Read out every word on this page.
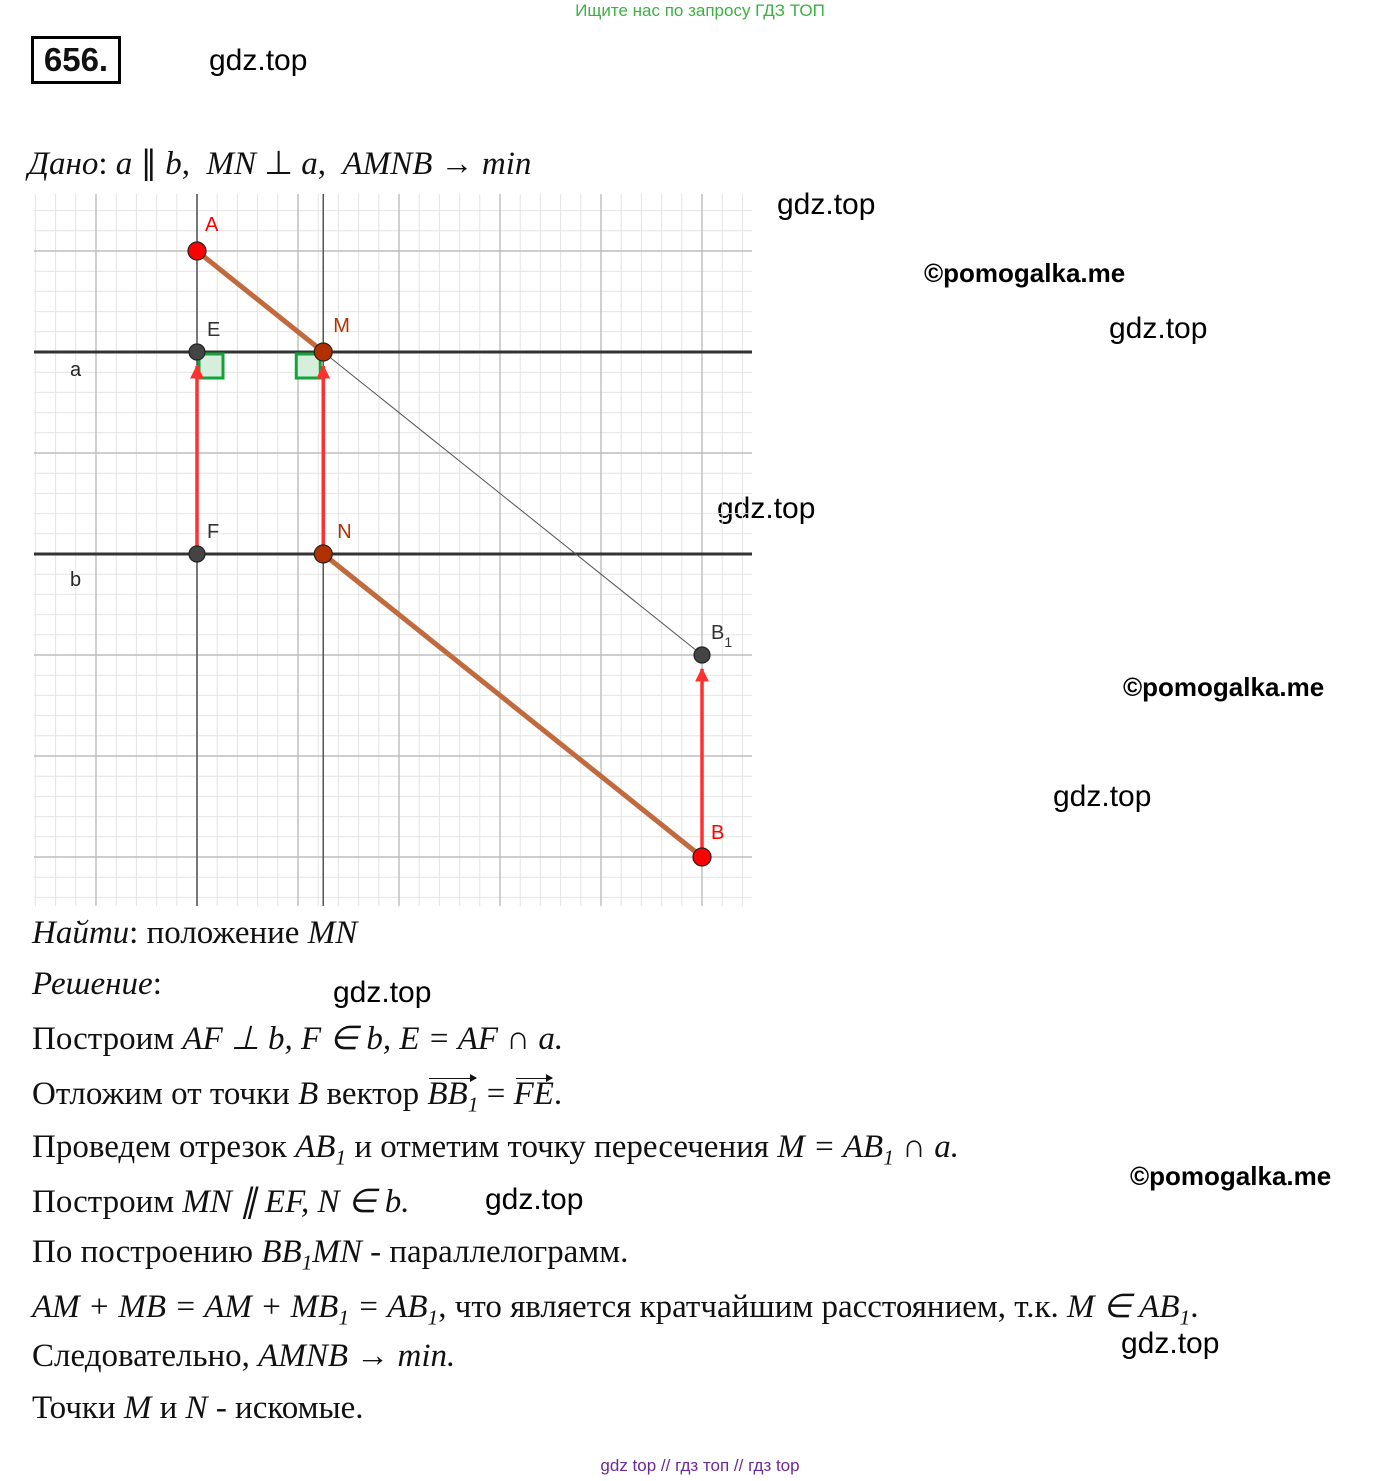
Ищите нас по запросу ГДЗ ТОП
656.	gdz.top
gdz.top
©pomogalka.me
gdz.top
gdz.top
©pomogalka.me
gdz.top
gdz.top
©pomogalka.me
gdz.top
Дано: a ∥ b,  MN ⊥ a,  AMNB → min
a
b
A
E	M
F	N
$B_1$
B
Найти: положение MN
Решение:
Построим AF ⊥ b, F ∈ b, E = AF ∩ a.
Отложим от точки B вектор $BB_1$ = FE.
Проведем отрезок $AB_1$ и отметим точку пересечения $M = AB_1$ ∩ a.
Построим MN ∥ EF, N ∈ b.	gdz.top
По построению $BB_1MN$ - параллелограмм.
AM + MB = AM + $MB_1 = AB_1$, что является кратчайшим расстоянием, т.к. M ∈ $AB_1$.
Следовательно, AMNB → min.
Точки M и N - искомые.
gdz top // гдз топ // гдз top
